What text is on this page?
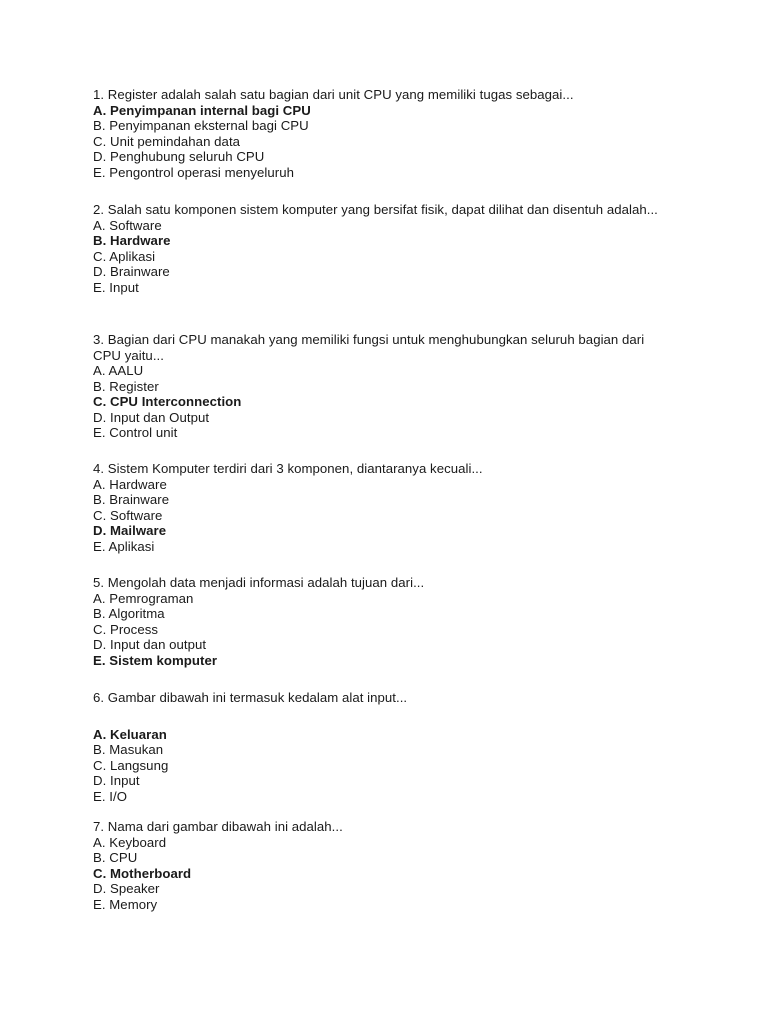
1. Register adalah salah satu bagian dari unit CPU yang memiliki tugas sebagai...
A. Penyimpanan internal bagi CPU
B. Penyimpanan eksternal bagi CPU
C. Unit pemindahan data
D. Penghubung seluruh CPU
E. Pengontrol operasi menyeluruh
2. Salah satu komponen sistem komputer yang bersifat fisik, dapat dilihat dan disentuh adalah...
A. Software
B. Hardware
C. Aplikasi
D. Brainware
E. Input
3. Bagian dari CPU manakah yang memiliki fungsi untuk menghubungkan seluruh bagian dari CPU yaitu...
A. AALU
B. Register
C. CPU Interconnection
D. Input dan Output
E. Control unit
4. Sistem Komputer terdiri dari 3 komponen, diantaranya kecuali...
A. Hardware
B. Brainware
C. Software
D. Mailware
E. Aplikasi
5. Mengolah data menjadi informasi adalah tujuan dari...
A. Pemrograman
B. Algoritma
C. Process
D. Input dan output
E. Sistem komputer
6. Gambar dibawah ini termasuk kedalam alat input...
A. Keluaran
B. Masukan
C. Langsung
D. Input
E. I/O
7. Nama dari gambar dibawah ini adalah...
A. Keyboard
B. CPU
C. Motherboard
D. Speaker
E. Memory
